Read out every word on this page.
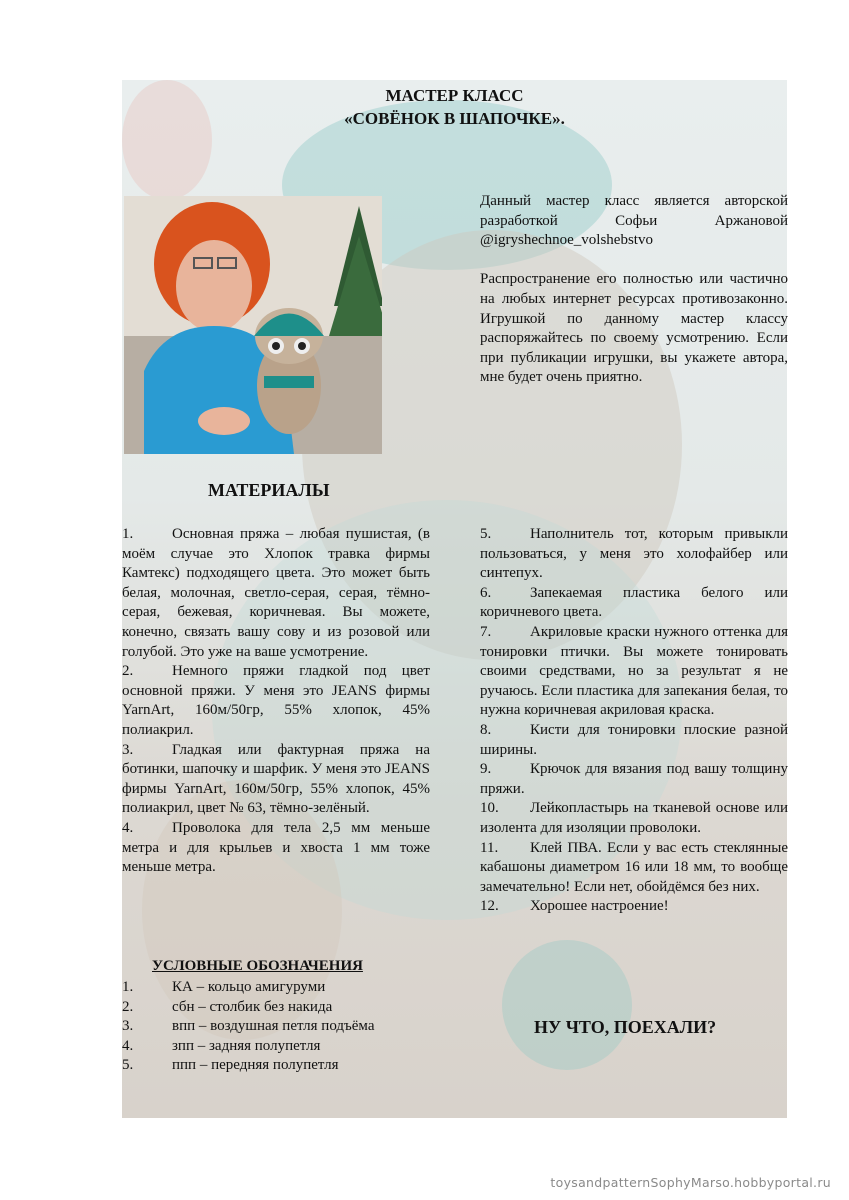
МАСТЕР КЛАСС
«СОВЁНОК В ШАПОЧКЕ».

Данный мастер класс является авторской разработкой Софьи Аржановой @igryshechnoe_volshebstvo

Распространение его полностью или частично на любых интернет ресурсах противозаконно. Игрушкой по данному мастер классу распоряжайтесь по своему усмотрению. Если при публикации игрушки, вы укажете автора, мне будет очень приятно.

МАТЕРИАЛЫ

1.	Основная пряжа – любая пушистая, (в моём случае это Хлопок травка фирмы Камтекс) подходящего цвета. Это может быть белая, молочная, светло-серая, серая, тёмно-серая, бежевая, коричневая. Вы можете, конечно, связать вашу сову и из розовой или голубой. Это уже на ваше усмотрение.

2.	Немного пряжи гладкой под цвет основной пряжи. У меня это JEANS фирмы YarnArt, 160м/50гр, 55% хлопок, 45% полиакрил.

3.	Гладкая или фактурная пряжа на ботинки, шапочку и шарфик. У меня это JEANS фирмы YarnArt, 160м/50гр, 55% хлопок, 45% полиакрил, цвет № 63, тёмно-зелёный.

4.	Проволока для тела 2,5 мм меньше метра и для крыльев и хвоста 1 мм тоже меньше метра.

5.	Наполнитель тот, которым привыкли пользоваться, у меня это холофайбер или синтепух.

6.	Запекаемая пластика белого или коричневого цвета.

7.	Акриловые краски нужного оттенка для тонировки птички. Вы можете тонировать своими средствами, но за результат я не ручаюсь. Если пластика для запекания белая, то нужна коричневая акриловая краска.

8.	Кисти для тонировки плоские разной ширины.

9.	Крючок для вязания под вашу толщину пряжи.

10. Лейкопластырь на тканевой основе или изолента для изоляции проволоки.

11. Клей ПВА. Если у вас есть стеклянные кабашоны диаметром 16 или 18 мм, то вообще замечательно! Если нет, обойдёмся без них.

12. Хорошее настроение!

УСЛОВНЫЕ ОБОЗНАЧЕНИЯ
1.	КА – кольцо амигуруми
2.	сбн – столбик без накида
3.	впп – воздушная петля подъёма
4.	зпп – задняя полупетля
5.	ппп – передняя полупетля
НУ ЧТО, ПОЕХАЛИ?
toysandpatternSophyMarso.hobbyportal.ru
